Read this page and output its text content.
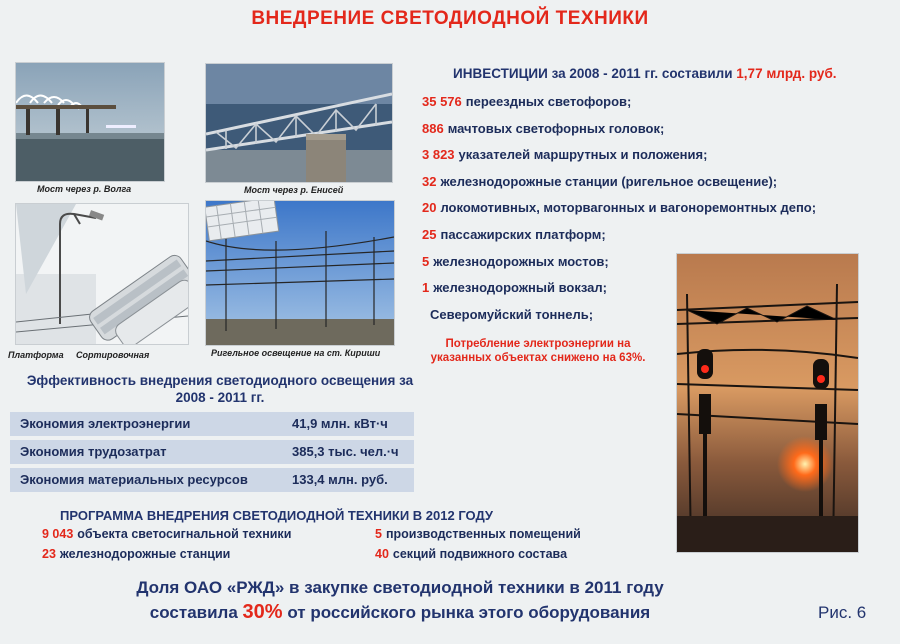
ВНЕДРЕНИЕ СВЕТОДИОДНОЙ ТЕХНИКИ
Мост через р. Волга	Мост через р. Енисей
Платформа Сортировочная	Ригельное освещение на ст. Кириши
ИНВЕСТИЦИИ за 2008 - 2011 гг. составили 1,77 млрд. руб.
35 576 переездных светофоров;
886 мачтовых светофорных головок;
3 823 указателей маршрутных и положения;
32 железнодорожные станции (ригельное освещение);
20 локомотивных, моторвагонных и вагоноремонтных депо;
25 пассажирских платформ;
5 железнодорожных мостов;
1 железнодорожный вокзал;
Северомуйский тоннель;
Потребление электроэнергии на указанных объектах снижено на 63%.
Эффективность внедрения светодиодного освещения за 2008 - 2011 гг.
Экономия электроэнергии	41,9 млн. кВт·ч
Экономия трудозатрат	385,3 тыс. чел.·ч
Экономия материальных ресурсов	133,4 млн. руб.
ПРОГРАММА ВНЕДРЕНИЯ СВЕТОДИОДНОЙ ТЕХНИКИ В 2012 ГОДУ
9 043 объекта светосигнальной техники	5 производственных помещений
23 железнодорожные станции	40 секций подвижного состава
Доля ОАО «РЖД» в закупке светодиодной техники в 2011 году
составила 30% от российского рынка этого оборудования	Рис. 6
